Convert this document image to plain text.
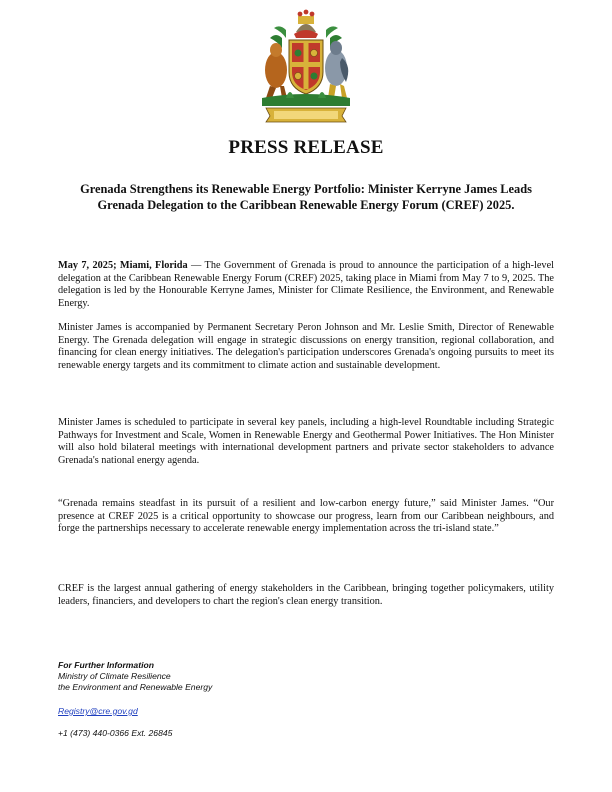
PRESS RELEASE
Grenada Strengthens its Renewable Energy Portfolio: Minister Kerryne James Leads Grenada Delegation to the Caribbean Renewable Energy Forum (CREF) 2025.

May 7, 2025; Miami, Florida — The Government of Grenada is proud to announce the participation of a high-level delegation at the Caribbean Renewable Energy Forum (CREF) 2025, taking place in Miami from May 7 to 9, 2025. The delegation is led by the Honourable Kerryne James, Minister for Climate Resilience, the Environment, and Renewable Energy.

Minister James is accompanied by Permanent Secretary Peron Johnson and Mr. Leslie Smith, Director of Renewable Energy. The Grenada delegation will engage in strategic discussions on energy transition, regional collaboration, and financing for clean energy initiatives. The delegation's participation underscores Grenada's ongoing pursuits to meet its renewable energy targets and its commitment to climate action and sustainable development.

Minister James is scheduled to participate in several key panels, including a high-level Roundtable including Strategic Pathways for Investment and Scale, Women in Renewable Energy and Geothermal Power Initiatives. The Hon Minister will also hold bilateral meetings with international development partners and private sector stakeholders to advance Grenada's national energy agenda.

“Grenada remains steadfast in its pursuit of a resilient and low-carbon energy future,” said Minister James. “Our presence at CREF 2025 is a critical opportunity to showcase our progress, learn from our Caribbean neighbours, and forge the partnerships necessary to accelerate renewable energy implementation across the tri-island state.”

CREF is the largest annual gathering of energy stakeholders in the Caribbean, bringing together policymakers, utility leaders, financiers, and developers to chart the region's clean energy transition.

For Further Information
Ministry of Climate Resilience
the Environment and Renewable Energy
Registry@cre.gov.gd
+1 (473) 440-0366 Ext. 26845
